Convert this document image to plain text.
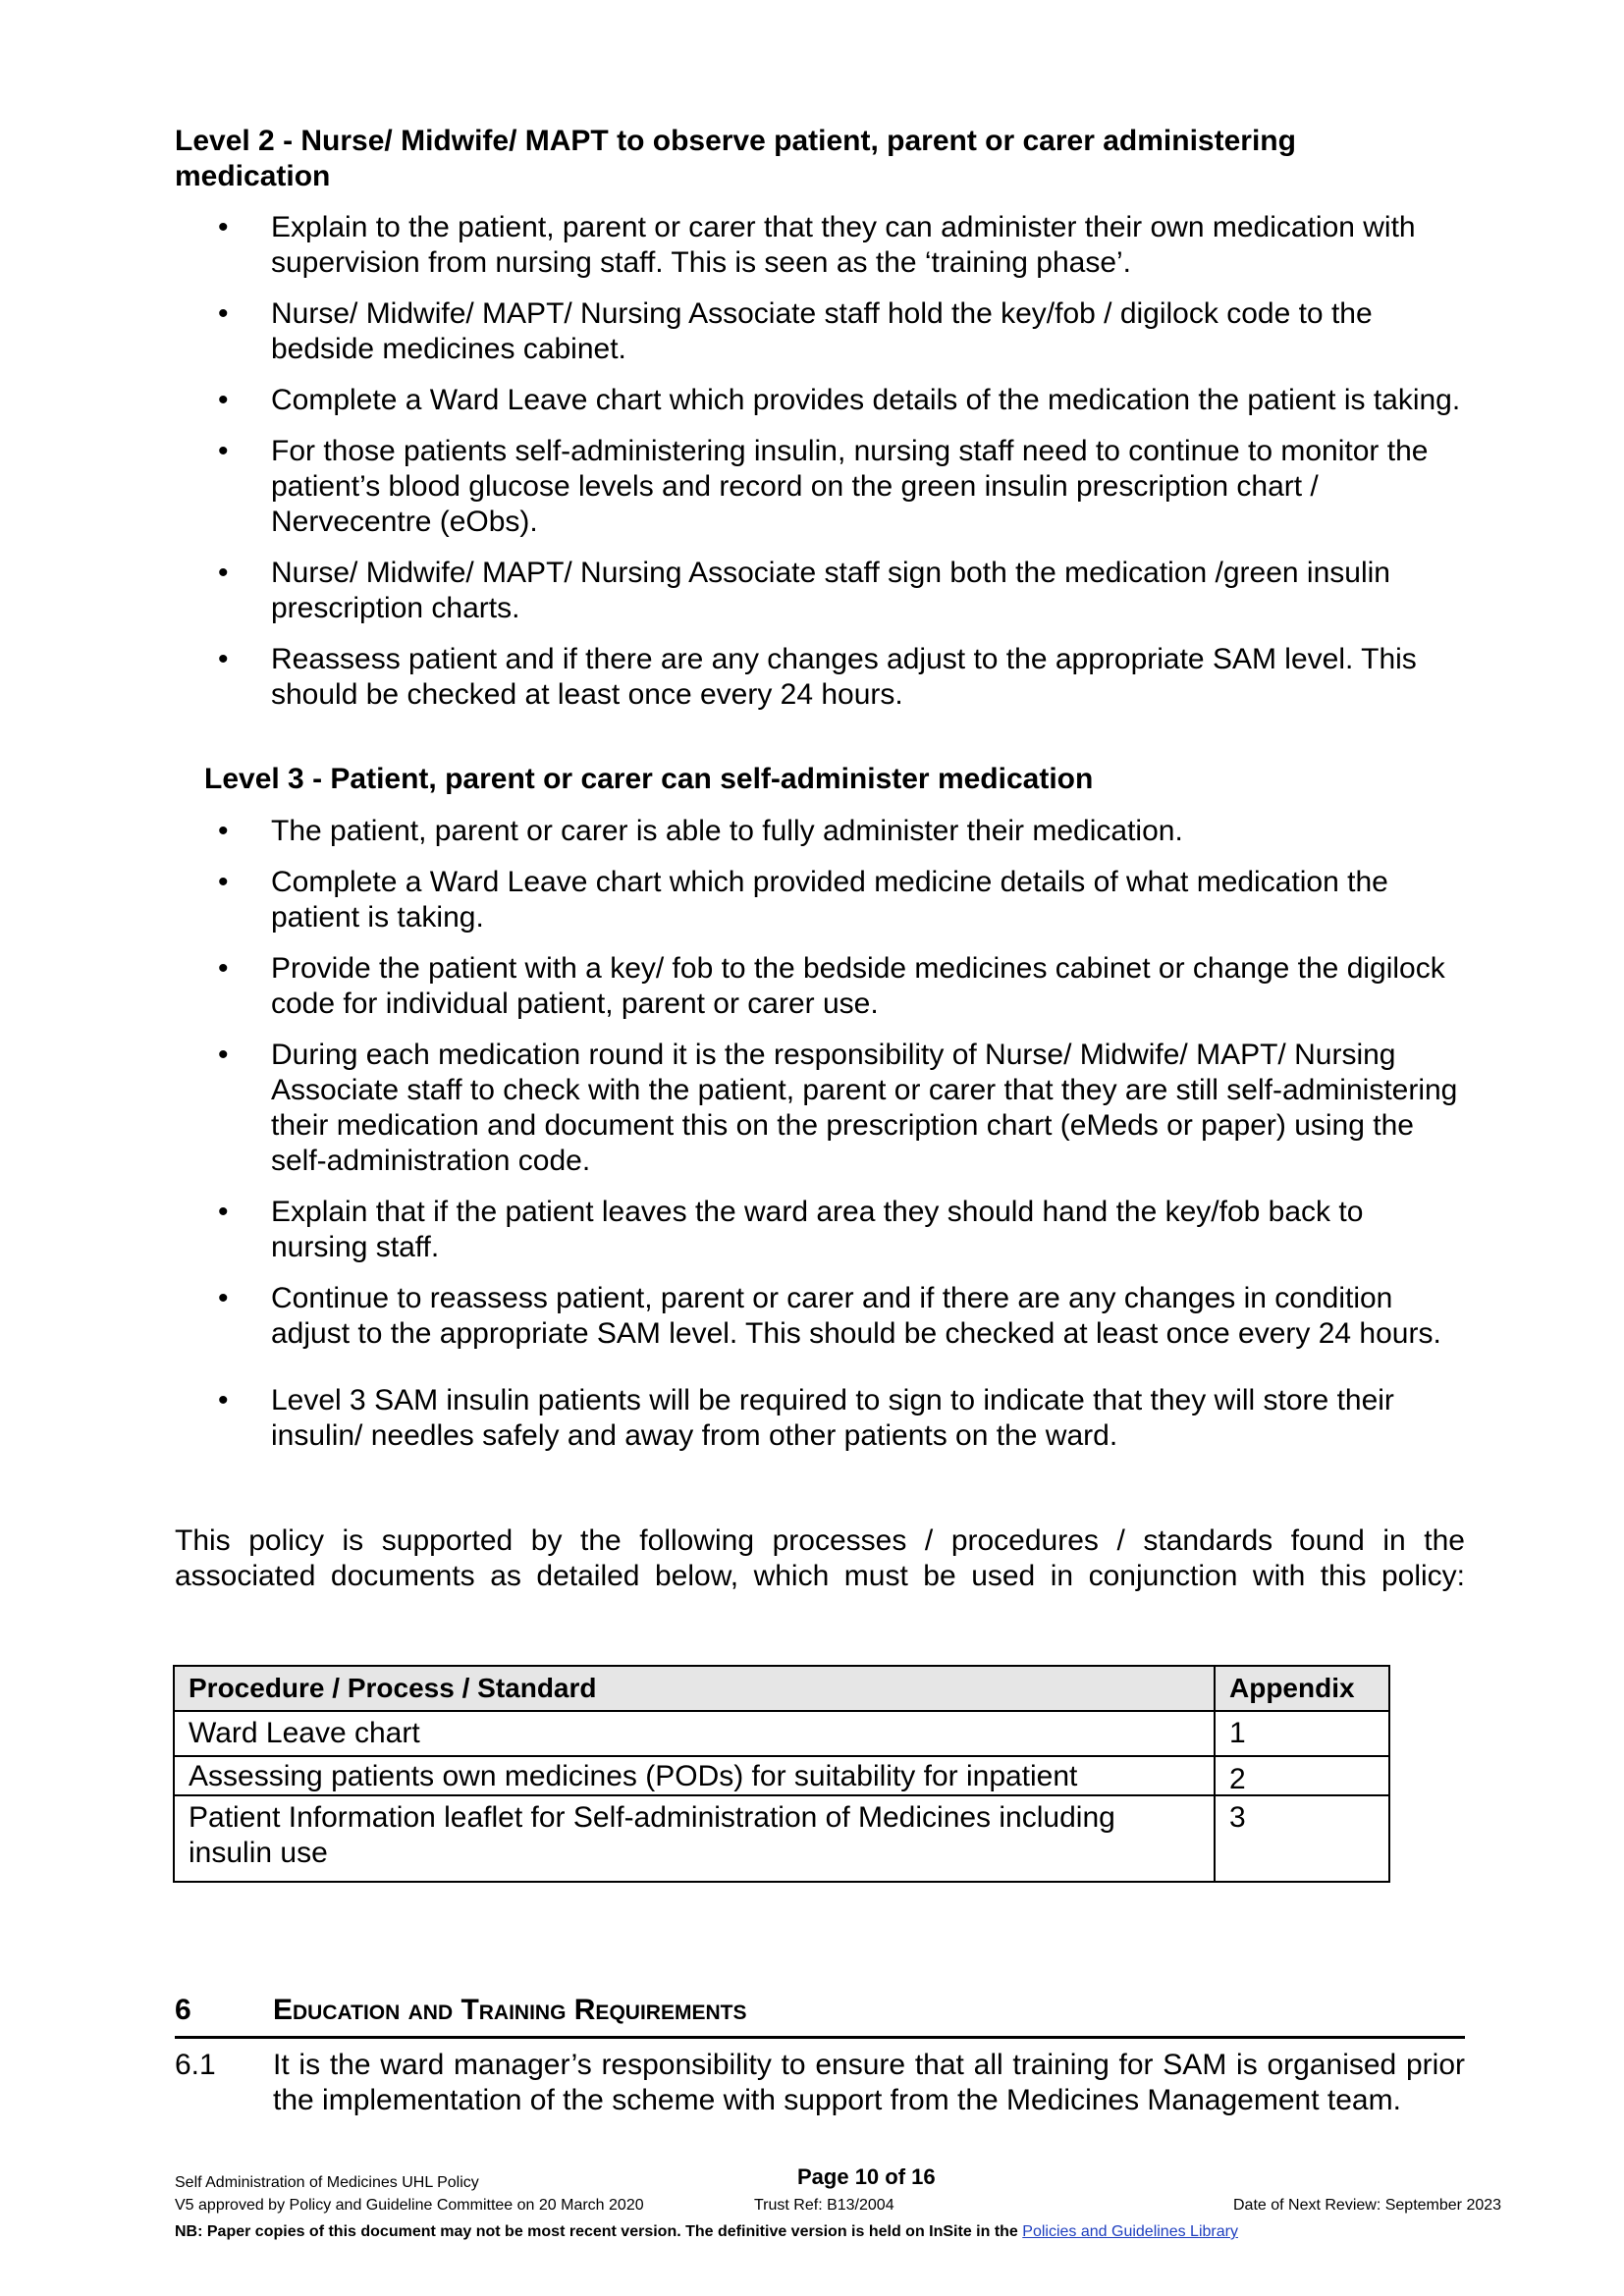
Level 2 - Nurse/ Midwife/ MAPT to observe patient, parent or carer administering medication
•	Explain to the patient, parent or carer that they can administer their own medication with supervision from nursing staff. This is seen as the ‘training phase’.
•	Nurse/ Midwife/ MAPT/ Nursing Associate staff hold the key/fob / digilock code to the bedside medicines cabinet.
•	Complete a Ward Leave chart which provides details of the medication the patient is taking.
•	For those patients self-administering insulin, nursing staff need to continue to monitor the patient’s blood glucose levels and record on the green insulin prescription chart / Nervecentre (eObs).
•	Nurse/ Midwife/ MAPT/ Nursing Associate staff sign both the medication /green insulin prescription charts.
•	Reassess patient and if there are any changes adjust to the appropriate SAM level. This should be checked at least once every 24 hours.
Level 3 - Patient, parent or carer can self-administer medication
•	The patient, parent or carer is able to fully administer their medication.
•	Complete a Ward Leave chart which provided medicine details of what medication the patient is taking.
•	Provide the patient with a key/ fob to the bedside medicines cabinet or change the digilock code for individual patient, parent or carer use.
•	During each medication round it is the responsibility of Nurse/ Midwife/ MAPT/ Nursing Associate staff to check with the patient, parent or carer that they are still self-administering their medication and document this on the prescription chart (eMeds or paper) using the self-administration code.
•	Explain that if the patient leaves the ward area they should hand the key/fob back to nursing staff.
•	Continue to reassess patient, parent or carer and if there are any changes in condition adjust to the appropriate SAM level. This should be checked at least once every 24 hours.
•	Level 3 SAM insulin patients will be required to sign to indicate that they will store their insulin/ needles safely and away from other patients on the ward.
This policy is supported by the following processes / procedures / standards found in the associated documents as detailed below, which must be used in conjunction with this policy:
Procedure / Process / Standard	Appendix
Ward Leave chart	1
Assessing patients own medicines (PODs) for suitability for inpatient	2
Patient Information leaflet for Self-administration of Medicines including insulin use	3
6	Education and Training Requirements
6.1 It is the ward manager’s responsibility to ensure that all training for SAM is organised prior the implementation of the scheme with support from the Medicines Management team.
Self Administration of Medicines UHL Policy
V5 approved by Policy and Guideline Committee on 20 March 2020
Page 10 of 16
Trust Ref: B13/2004	Date of Next Review: September 2023
NB: Paper copies of this document may not be most recent version. The definitive version is held on InSite in the Policies and Guidelines Library
